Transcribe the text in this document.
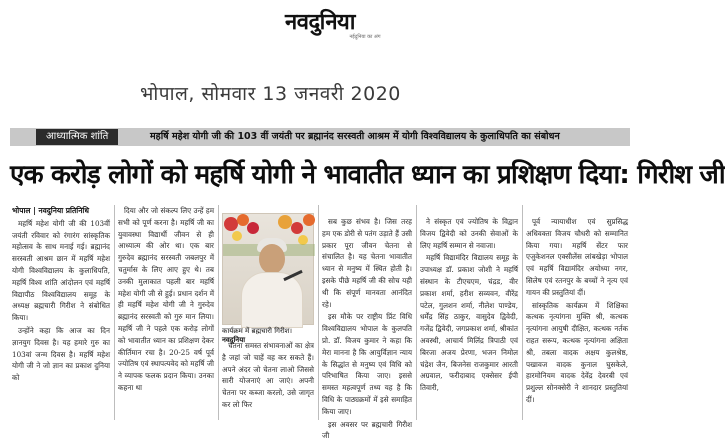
नवदुनिया
नईदुनिया का अंग
भोपाल, सोमवार 13 जनवरी 2020
आध्यात्मिक शांति	महर्षि महेश योगी जी की 103 वीं जयंती पर ब्रह्मानंद सरस्वती आश्रम में योगी विश्वविद्यालय के कुलाधिपति का संबोधन
एक करोड़ लोगों को महर्षि योगी ने भावातीत ध्यान का प्रशिक्षण दिया: गिरीश जी

भोपाल | नवदुनिया प्रतिनिधि

महर्षि महेश योगी जी की 103वीं जयंती रविवार को रंगारंग सांस्कृतिक महोत्सव के साथ मनाई गई। ब्रह्मानंद सरस्वती आश्रम छान में महर्षि महेश योगी विश्वविद्यालय के कुलाधिपति, महर्षि विश्व शांति आंदोलन एवं महर्षि विद्यापीठ विश्वविद्यालय समूह के अध्यक्ष ब्रह्मचारी गिरीश ने संबोधित किया।

उन्होंने कहा कि आज का दिन ज्ञानयुग दिवस है। यह हमारे गुरु का 103वां जन्म दिवस है। महर्षि महेश योगी जी ने जो ज्ञान का प्रकाश दुनिया को

दिया और जो संकल्प लिए उन्हें हम सभी को पूर्ण करना है। महर्षि जी का युवावस्था विद्यार्थी जीवन से ही आध्यात्म की ओर था। एक बार गुरुदेव ब्रह्मानंद सरस्वती जबलपुर में चतुर्मास के लिए आए हुए थे। तब उनकी मुलाकात पहली बार महर्षि महेश योगी जी से हुई। प्रधान दर्शन में ही महर्षि महेश योगी जी ने गुरुदेव ब्रह्मानंद सरस्वती को गुरु मान लिया। महर्षि जी ने पहले एक करोड़ लोगों को भावातीत ध्यान का प्रशिक्षण देकर कीर्तिमान रचा है। 20-25 वर्ष पूर्व ज्योतिष एवं स्थापत्यवेद को महर्षि जी ने व्यापक फलक प्रदान किया। उनका कहना था

कार्यक्रम में ब्रह्मचारी गिरीश। नवदुनिया

चेतना समस्त संभावनाओं का क्षेत्र है जहां जो चाहें वह कर सकते हैं। अपने अंदर जो चेतना लाओ जिससे सारी योजनाएं आ जाएं। अपनी चेतना पर कब्जा करलो, उसे जागृत कर लो फिर

सब कुछ संभव है। जिस तरह हम एक डोरी से पतंग उड़ाते हैं उसी प्रकार पूरा जीवन चेतना से संचालित है। यह चेतना भावातीत ध्यान से मनुष्य में स्थित होती है। इसके पीछे महर्षि जी की सोच यही थी कि संपूर्ण मानवता आनंदित रहे।

इस मौके पर राष्ट्रीय प्रिंट विधि विश्वविद्यालय भोपाल के कुलपति प्रो. डॉ. विजय कुमार ने कहा कि मेरा मानना है कि आयुर्विज्ञान न्याय के सिद्धांत से मनुष्य एवं विधि को परिभाषित किया जाए। इससे समस्त महत्वपूर्ण तथ्य यह है कि विधि के पाठ्यक्रमों में इसे समाहित किया जाए।

इस अवसर पर ब्रह्मचारी गिरीश जी

ने संस्कृत एवं ज्योतिष के विद्वान विजय द्विवेदी को उनकी सेवाओं के लिए महर्षि सम्मान से नवाजा।

महर्षि विद्यामंदिर विद्यालय समूह के उपाध्यक्ष डॉ. प्रकाश जोशी ने महर्षि संस्थान के टीएचएम, चंद्रड, वीर प्रकाश शर्मा, हरीश सव्यवन, वीरेंद्र पटेल, गुलशन शर्मा, नीलेश पाण्डेय, धर्मेंद्र सिंह ठाकुर, वासुदेव द्विवेदी, गजेंद्र द्विवेदी, जगप्रकाश शर्मा, श्रीकांत अवस्थी, आचार्य मिलिंद्र त्रिपाठी एवं बिरजा अजय प्रेरणा, भजन निमोल चंद्रेश जैन, बिजनेस राजकुमार आरती अग्रवाल, फरीदाबाद एक्सेसर ईपी तिवारी,

पूर्व न्यायाधीश एवं सुप्रसिद्ध अधिवक्ता विजय चौधरी को सम्मानित किया गया। महर्षि सेंटर फार एजुकेशनल एक्सीलेंस लांबखेड़ा भोपाल एवं महर्षि विद्यामंदिर अयोध्या नगर, सिलेष एवं रतनपुर के बच्चों ने नृत्य एवं गायन की प्रस्तुतियां दीं।

सांस्कृतिक कार्यक्रम में शिक्षिका कत्थक नृत्यांगना मुक्ति श्री, कत्थक नृत्यांगना आयुषी दीक्षित, कत्थक नर्तक राहत सरूप, कत्थक नृत्यांगना अक्षिता श्री, तबला वादक अक्षय कुलश्रेष्ठ, पखावज वादक कुनाल घुसकेले, हारमोनियम वादक देवेंद्र देवरबी एवं प्रशुल्ल सोनक्सेरी ने शानदार प्रस्तुतियां दीं।
